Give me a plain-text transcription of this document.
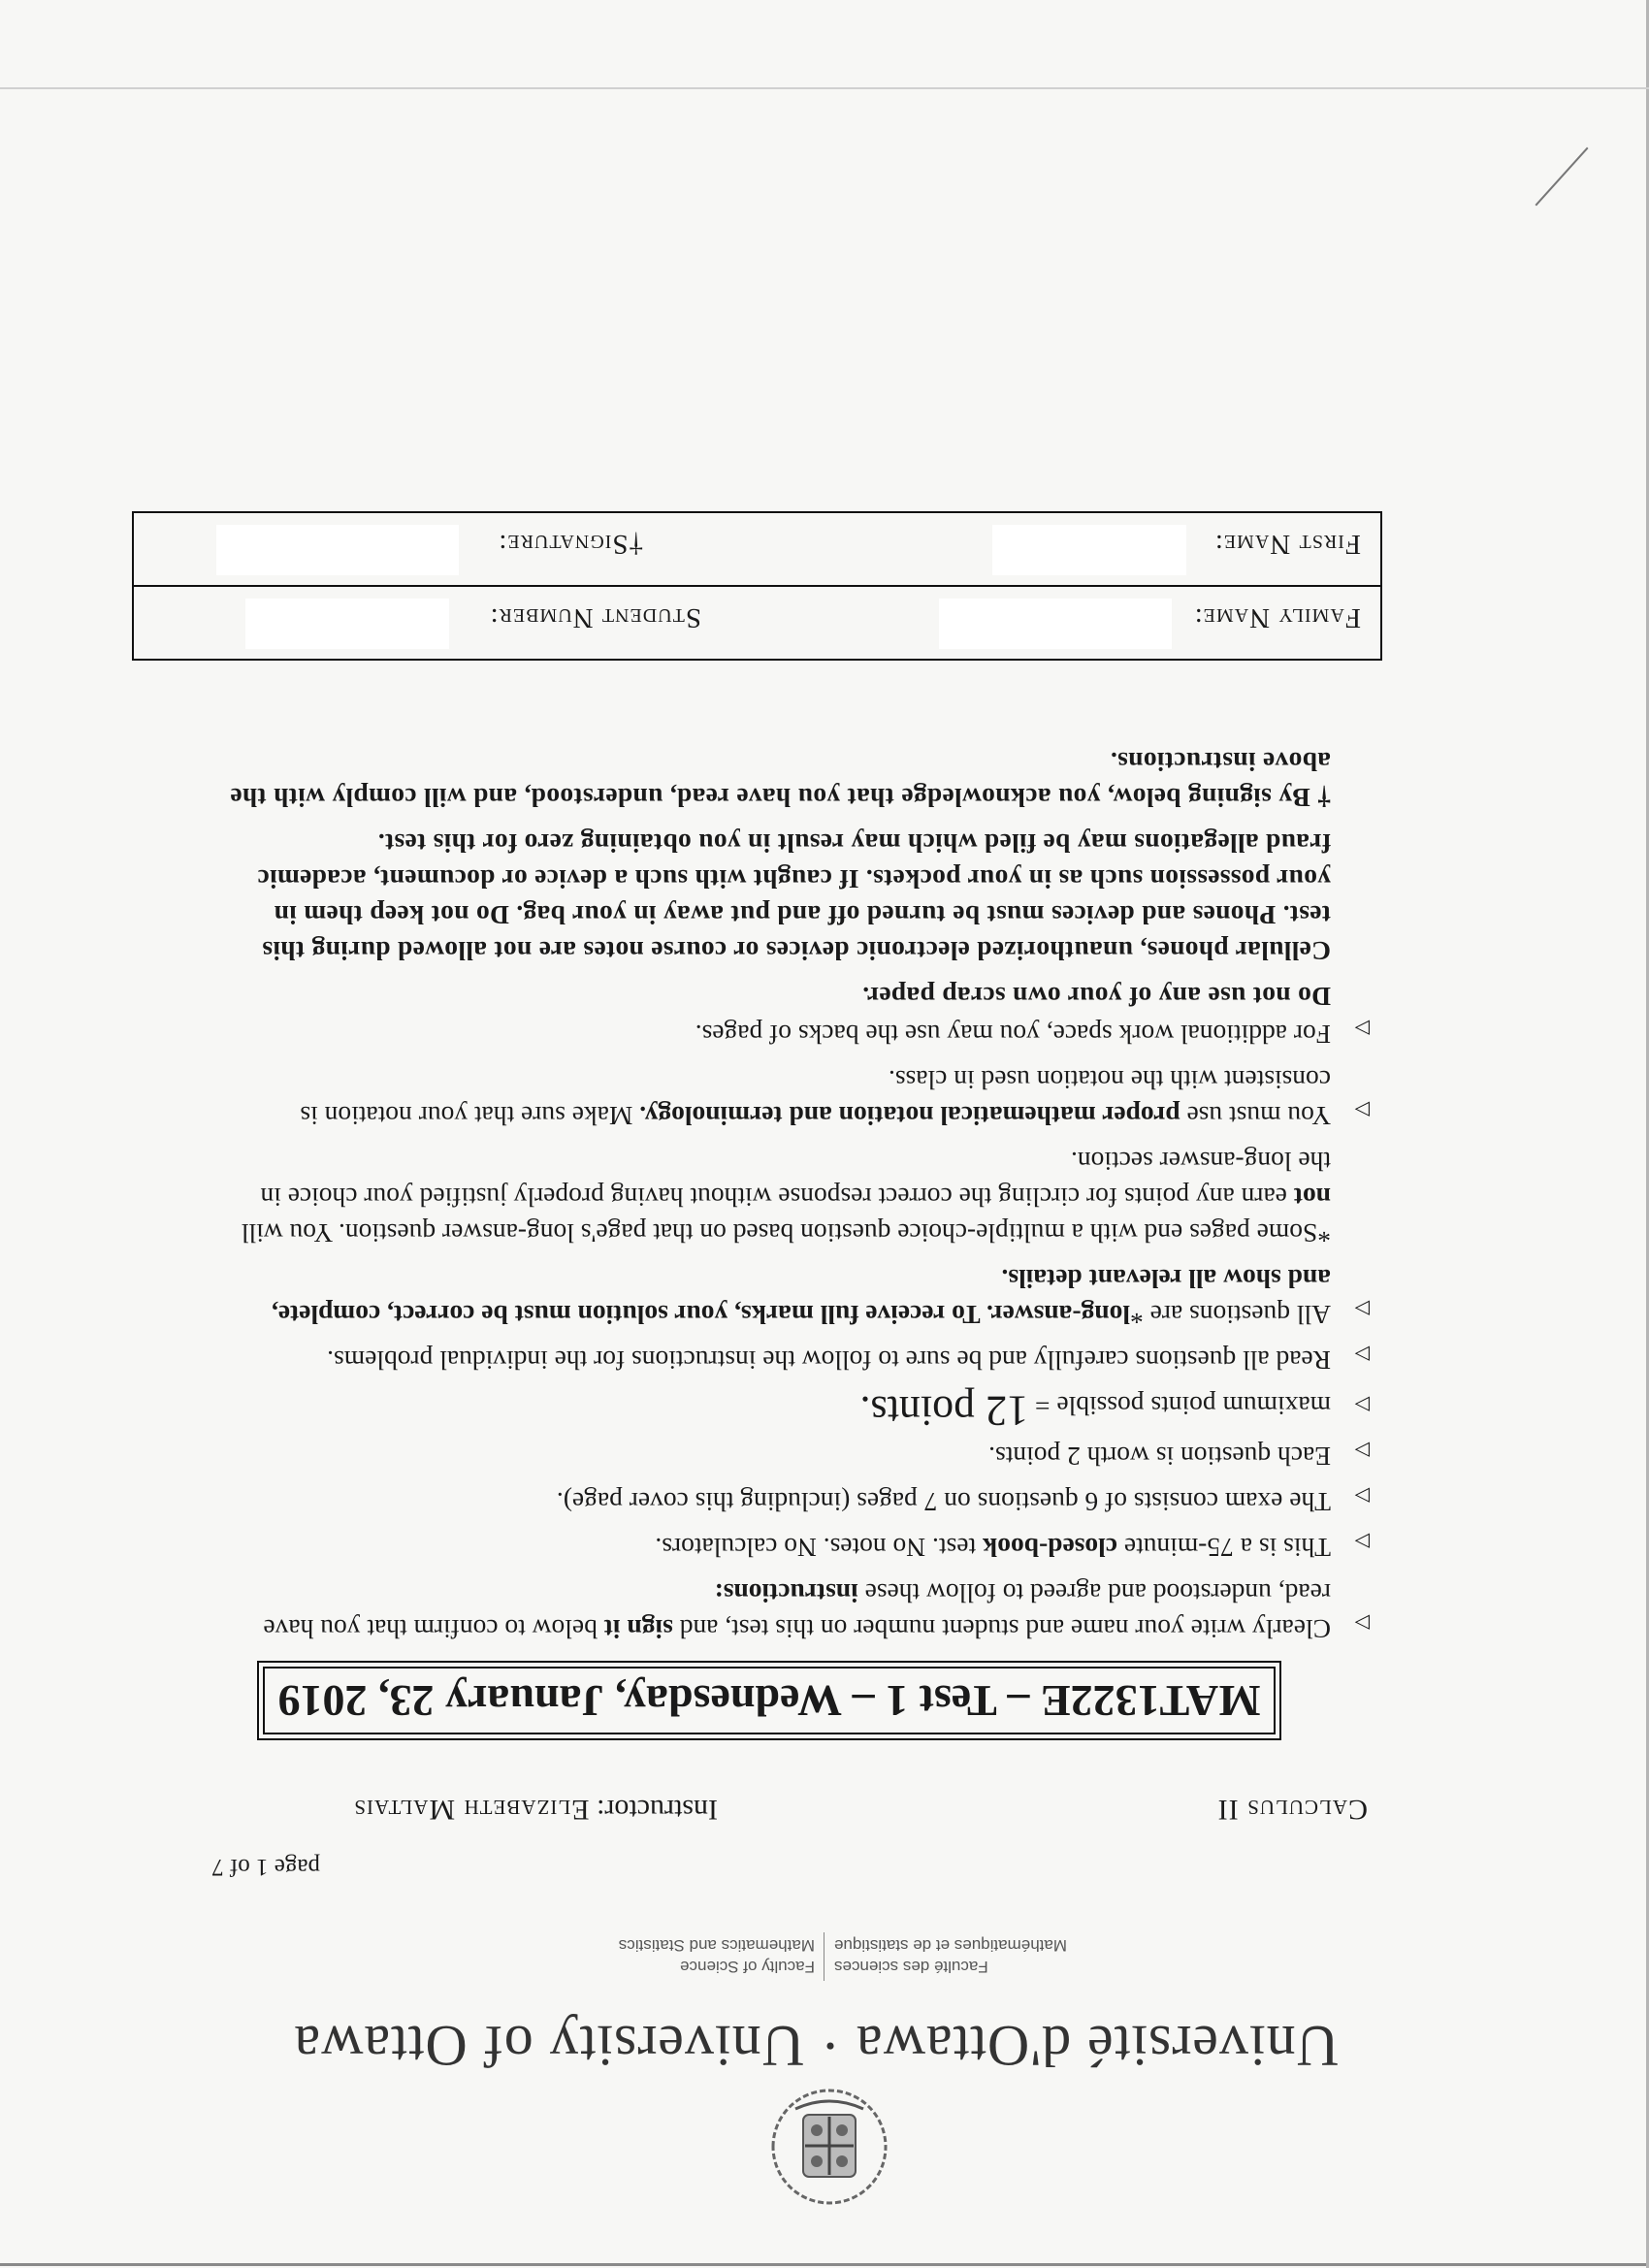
Université d'Ottawa · University of Ottawa
Faculté des sciences
Mathématiques et de statistique
Faculty of Science
Mathematics and Statistics
page 1 of 7
Calculus II
Instructor: Elizabeth Maltais
MAT1322E – Test 1 – Wednesday, January 23, 2019
▷
Clearly write your name and student number on this test, and sign it below to confirm that you have read, understood and agreed to follow these instructions:
▷
This is a 75-minute closed-book test. No notes. No calculators.
▷
The exam consists of 6 questions on 7 pages (including this cover page).
▷
Each question is worth 2 points.
▷
maximum points possible = 12 points.
▷
Read all questions carefully and be sure to follow the instructions for the individual problems.
▷
All questions are *long-answer. To receive full marks, your solution must be correct, complete, and show all relevant details.
*Some pages end with a multiple-choice question based on that page's long-answer question. You will not earn any points for circling the correct response without having properly justified your choice in the long-answer section.
▷
You must use proper mathematical notation and terminology. Make sure that your notation is consistent with the notation used in class.
▷
For additional work space, you may use the backs of pages.
Do not use any of your own scrap paper.
Cellular phones, unauthorized electronic devices or course notes are not allowed during this test. Phones and devices must be turned off and put away in your bag. Do not keep them in your possession such as in your pockets. If caught with such a device or document, academic fraud allegations may be filed which may result in you obtaining zero for this test.
† By signing below, you acknowledge that you have read, understood, and will comply with the above instructions.
Family Name:
Student Number:
First Name:
†Signature:
